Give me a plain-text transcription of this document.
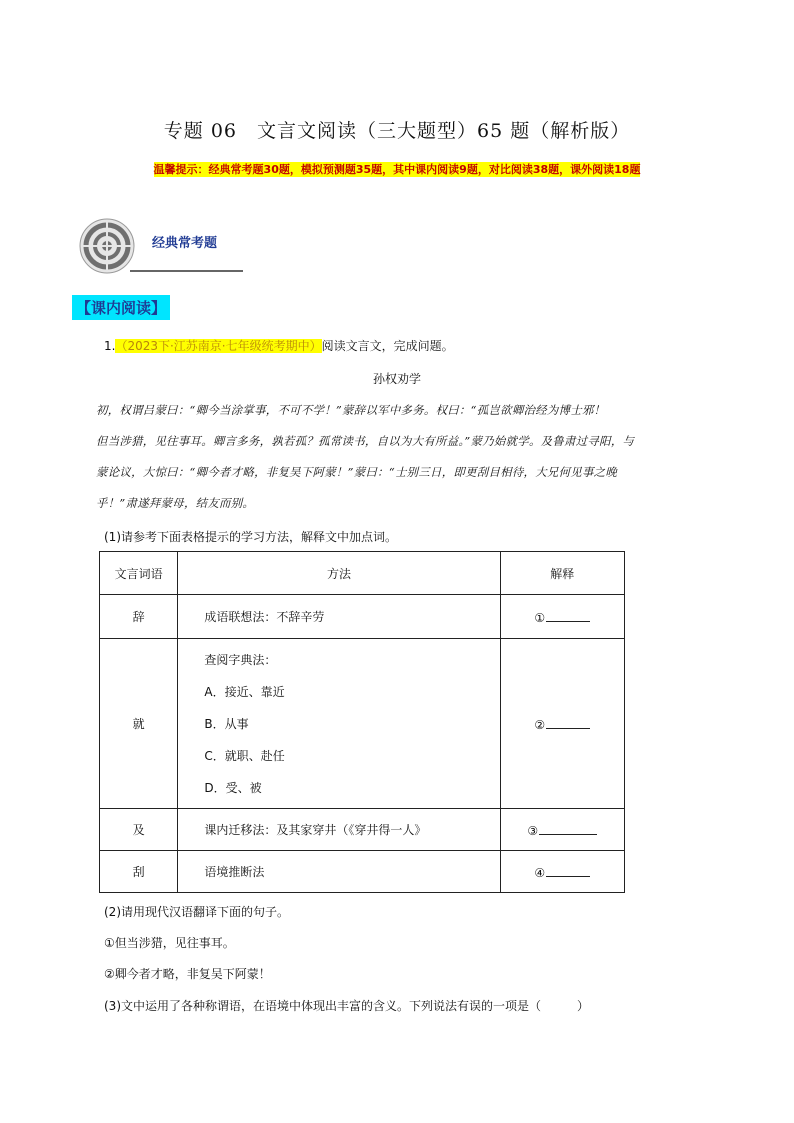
专题 06　文言文阅读（三大题型）65 题（解析版）
温馨提示：经典常考题30题，模拟预测题35题，其中课内阅读9题，对比阅读38题，课外阅读18题
经典常考题
【课内阅读】
1.（2023下·江苏南京·七年级统考期中）阅读文言文，完成问题。
孙权劝学
初，权谓吕蒙曰：“卿今当涂掌事，不可不学！”蒙辞以军中多务。权曰：“孤岂欲卿治经为博士邪！
但当涉猎，见往事耳。卿言多务，孰若孤？孤常读书，自以为大有所益。”蒙乃始就学。及鲁肃过寻阳，与
蒙论议，大惊曰：“卿今者才略，非复吴下阿蒙！”蒙曰：“士别三日，即更刮目相待，大兄何见事之晚
乎！”肃遂拜蒙母，结友而别。
(1)请参考下面表格提示的学习方法，解释文中加点词。
文言词语	方法	解释
辞	成语联想法：不辞辛劳	①
就	查阅字典法：
A．接近、靠近
B．从事
C．就职、赴任
D．受、被	②
及	课内迁移法：及其家穿井（《穿井得一人》	③
刮	语境推断法	④
(2)请用现代汉语翻译下面的句子。
①但当涉猎，见往事耳。
②卿今者才略，非复吴下阿蒙！
(3)文中运用了各种称谓语，在语境中体现出丰富的含义。下列说法有误的一项是（　　　）
